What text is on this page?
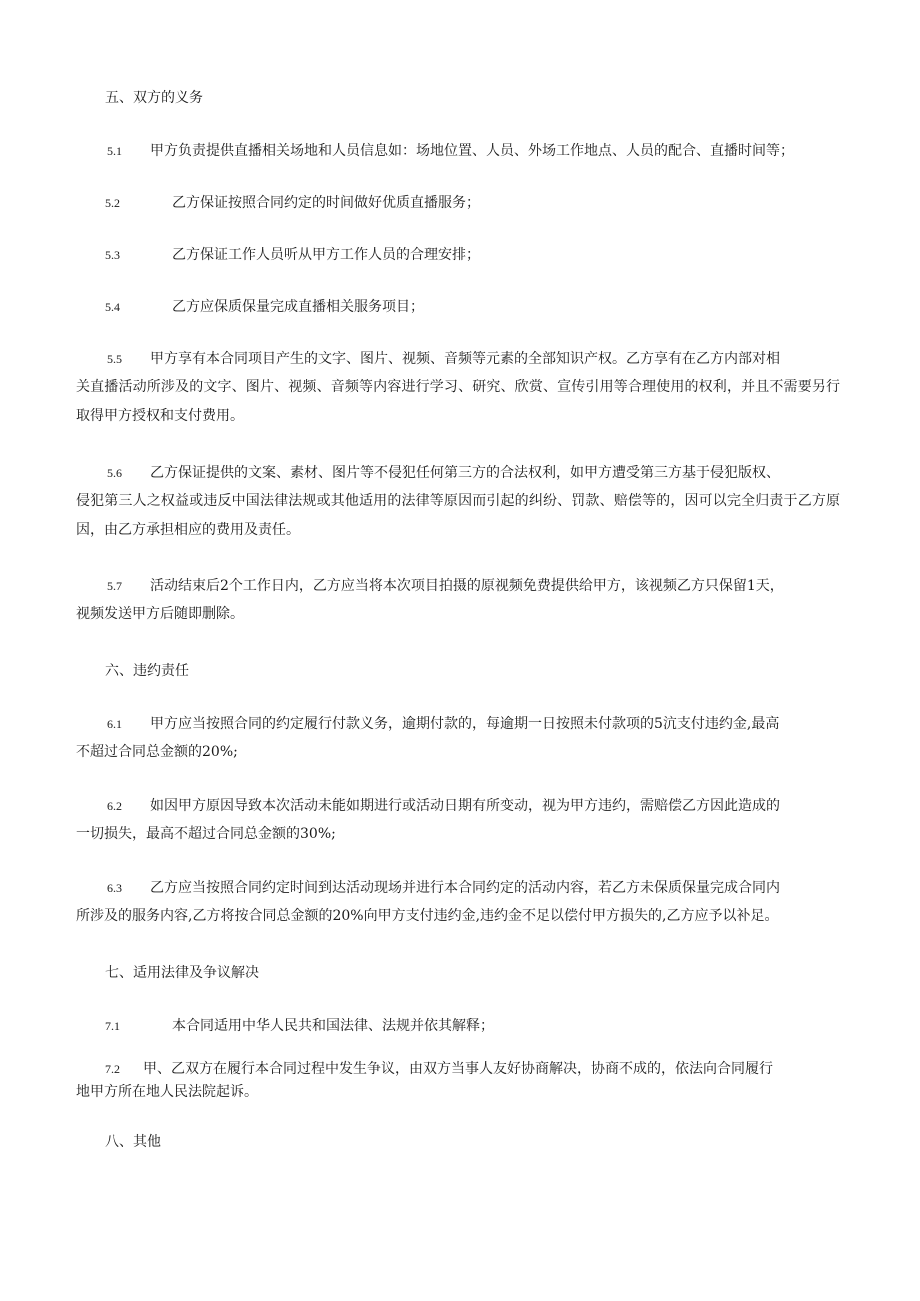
五、双方的义务
5.1 甲方负责提供直播相关场地和人员信息如：场地位置、人员、外场工作地点、人员的配合、直播时间等；
5.2	乙方保证按照合同约定的时间做好优质直播服务；
5.3	乙方保证工作人员听从甲方工作人员的合理安排；
5.4	乙方应保质保量完成直播相关服务项目；
5.5 甲方享有本合同项目产生的文字、图片、视频、音频等元素的全部知识产权。乙方享有在乙方内部对相
关直播活动所涉及的文字、图片、视频、音频等内容进行学习、研究、欣赏、宣传引用等合理使用的权利，并且不需要另行取得甲方授权和支付费用。
5.6 乙方保证提供的文案、素材、图片等不侵犯任何第三方的合法权利，如甲方遭受第三方基于侵犯版权、
侵犯第三人之权益或违反中国法律法规或其他适用的法律等原因而引起的纠纷、罚款、赔偿等的，因可以完全归责于乙方原因，由乙方承担相应的费用及责任。
5.7 活动结束后2个工作日内，乙方应当将本次项目拍摄的原视频免费提供给甲方，该视频乙方只保留1天，
视频发送甲方后随即删除。
六、违约责任
6.1 甲方应当按照合同的约定履行付款义务，逾期付款的，每逾期一日按照未付款项的5沆支付违约金,最高
不超过合同总金额的20%;
6.2 如因甲方原因导致本次活动未能如期进行或活动日期有所变动，视为甲方违约，需赔偿乙方因此造成的
一切损失，最高不超过合同总金额的30%;
6.3 乙方应当按照合同约定时间到达活动现场并进行本合同约定的活动内容，若乙方未保质保量完成合同内
所涉及的服务内容,乙方将按合同总金额的20%向甲方支付违约金,违约金不足以偿付甲方损失的,乙方应予以补足。
七、适用法律及争议解决
7.1	本合同适用中华人民共和国法律、法规并依其解释；
7.2 甲、乙双方在履行本合同过程中发生争议，由双方当事人友好协商解决，协商不成的，依法向合同履行
地甲方所在地人民法院起诉。
八、其他
